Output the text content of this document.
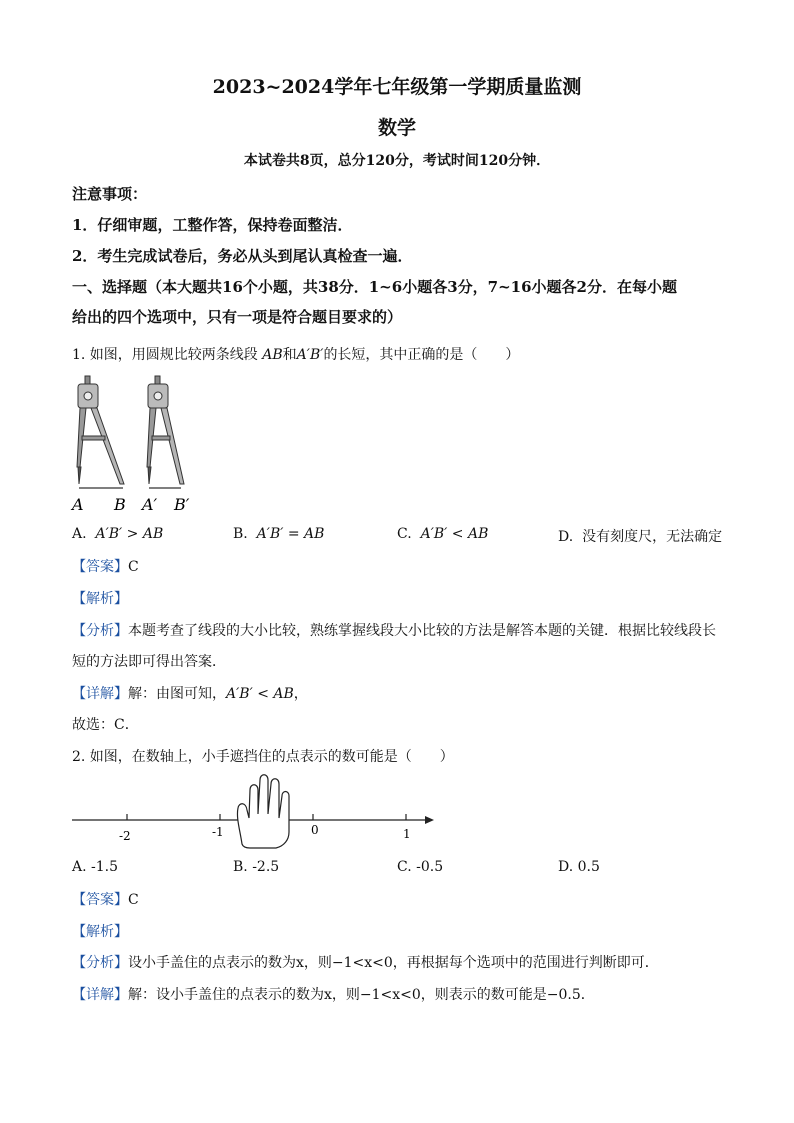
2023~2024学年七年级第一学期质量监测
数学
本试卷共8页，总分120分，考试时间120分钟．
注意事项：
1．仔细审题，工整作答，保持卷面整洁．
2．考生完成试卷后，务必从头到尾认真检查一遍．
一、选择题（本大题共16个小题，共38分．1~6小题各3分，7~16小题各2分．在每小题
给出的四个选项中，只有一项是符合题目要求的）
1. 如图，用圆规比较两条线段 AB和A′B′的长短，其中正确的是（　　）
A B A′ B′
A. A′B′ > AB	B. A′B′ = AB	C. A′B′ < AB	D. 没有刻度尺，无法确定
【答案】C
【解析】
【分析】本题考查了线段的大小比较，熟练掌握线段大小比较的方法是解答本题的关键．根据比较线段长
短的方法即可得出答案．
【详解】解：由图可知，A′B′ < AB，
故选：C．
2. 如图，在数轴上，小手遮挡住的点表示的数可能是（　　）
-2	-1	0	1
A. -1.5	B. -2.5	C. -0.5	D. 0.5
【答案】C
【解析】
【分析】设小手盖住的点表示的数为x，则−1<x<0，再根据每个选项中的范围进行判断即可．
【详解】解：设小手盖住的点表示的数为x，则−1<x<0，则表示的数可能是−0.5．
